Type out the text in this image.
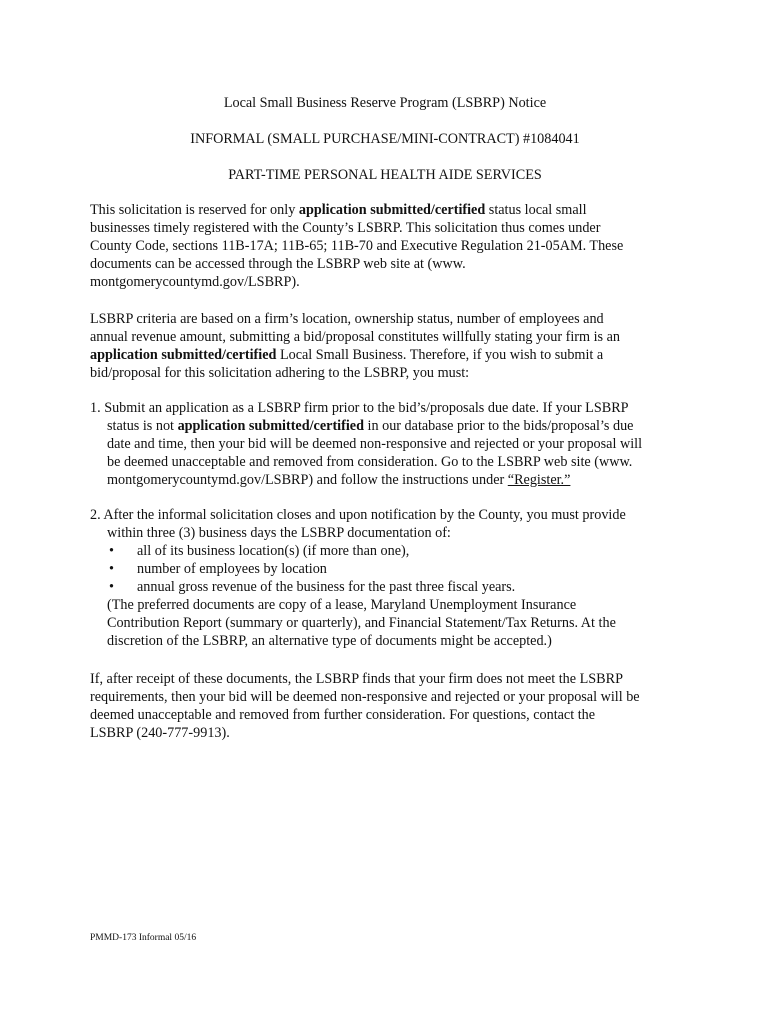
Local Small Business Reserve Program (LSBRP) Notice
INFORMAL (SMALL PURCHASE/MINI-CONTRACT) #1084041
PART-TIME PERSONAL HEALTH AIDE SERVICES
This solicitation is reserved for only application submitted/certified status local small
businesses timely registered with the County’s LSBRP. This solicitation thus comes under
County Code, sections 11B-17A; 11B-65; 11B-70 and Executive Regulation 21-05AM. These
documents can be accessed through the LSBRP web site at (www.
montgomerycountymd.gov/LSBRP).
LSBRP criteria are based on a firm’s location, ownership status, number of employees and
annual revenue amount, submitting a bid/proposal constitutes willfully stating your firm is an
application submitted/certified Local Small Business. Therefore, if you wish to submit a
bid/proposal for this solicitation adhering to the LSBRP, you must:
1. Submit an application as a LSBRP firm prior to the bid’s/proposals due date. If your LSBRP
status is not application submitted/certified in our database prior to the bids/proposal’s due
date and time, then your bid will be deemed non-responsive and rejected or your proposal will
be deemed unacceptable and removed from consideration. Go to the LSBRP web site (www.
montgomerycountymd.gov/LSBRP) and follow the instructions under “Register.”
2. After the informal solicitation closes and upon notification by the County, you must provide
within three (3) business days the LSBRP documentation of:
• all of its business location(s) (if more than one),
• number of employees by location
• annual gross revenue of the business for the past three fiscal years.
(The preferred documents are copy of a lease, Maryland Unemployment Insurance
Contribution Report (summary or quarterly), and Financial Statement/Tax Returns. At the
discretion of the LSBRP, an alternative type of documents might be accepted.)
If, after receipt of these documents, the LSBRP finds that your firm does not meet the LSBRP
requirements, then your bid will be deemed non-responsive and rejected or your proposal will be
deemed unacceptable and removed from further consideration. For questions, contact the
LSBRP (240-777-9913).
PMMD-173 Informal 05/16
